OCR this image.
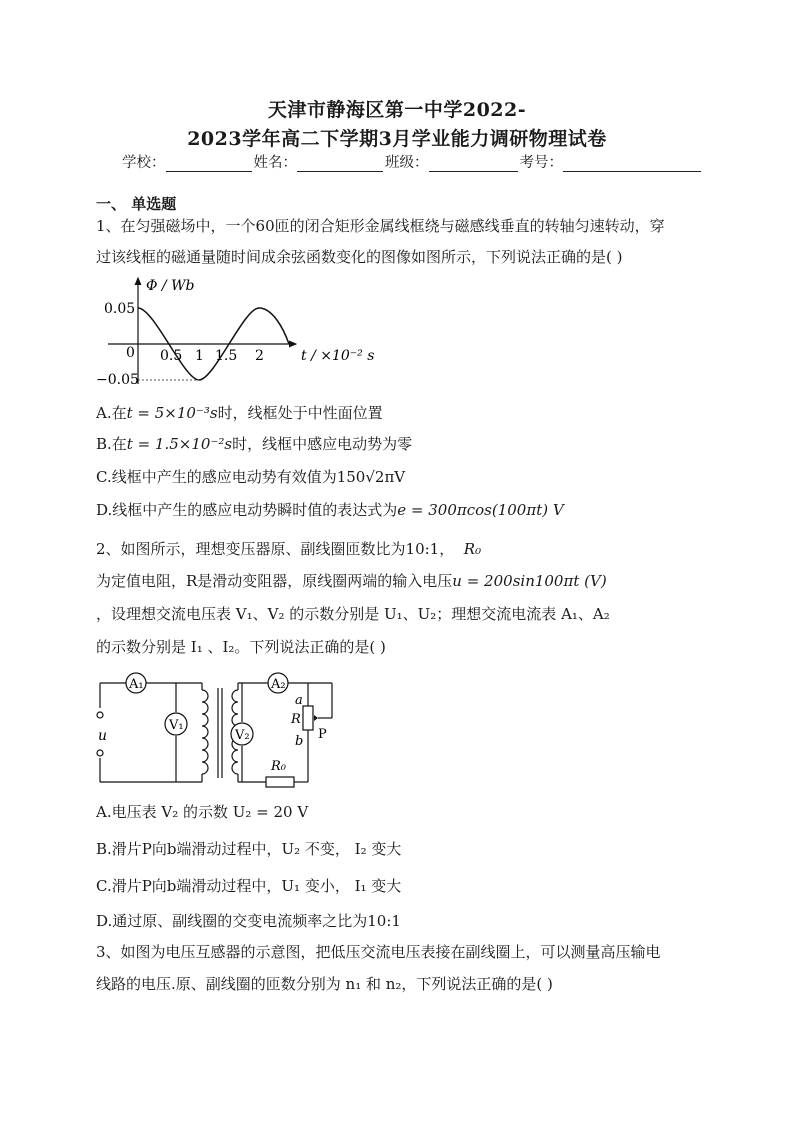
天津市静海区第一中学2022-
2023学年高二下学期3月学业能力调研物理试卷
学校：	姓名：	班级：	考号：
一、 单选题
1、在匀强磁场中，一个60匝的闭合矩形金属线框绕与磁感线垂直的转轴匀速转动，穿
过该线框的磁通量随时间成余弦函数变化的图像如图所示，下列说法正确的是( )
Φ / Wb
0.05
−0.05
0 0.5 1 1.5 2	t / ×10⁻² s
A.在t = 5×10⁻³s时，线框处于中性面位置
B.在t = 1.5×10⁻²s时，线框中感应电动势为零
C.线框中产生的感应电动势有效值为150√2πV
D.线框中产生的感应电动势瞬时值的表达式为e = 300πcos(100πt) V
2、如图所示，理想变压器原、副线圈匝数比为10:1， R₀
为定值电阻，R是滑动变阻器，原线圈两端的输入电压u = 200sin100πt (V)
，设理想交流电压表 V₁、V₂ 的示数分别是 U₁、U₂；理想交流电流表 A₁、A₂
的示数分别是 I₁ 、I₂。下列说法正确的是( )
A₁
V₁
V₂
A₂
u
a
R
b P
R₀
A.电压表 V₂ 的示数 U₂ = 20 V
B.滑片P向b端滑动过程中，U₂ 不变， I₂ 变大
C.滑片P向b端滑动过程中，U₁ 变小， I₁ 变大
D.通过原、副线圈的交变电流频率之比为10:1
3、如图为电压互感器的示意图，把低压交流电压表接在副线圈上，可以测量高压输电
线路的电压.原、副线圈的匝数分别为 n₁ 和 n₂，下列说法正确的是( )
